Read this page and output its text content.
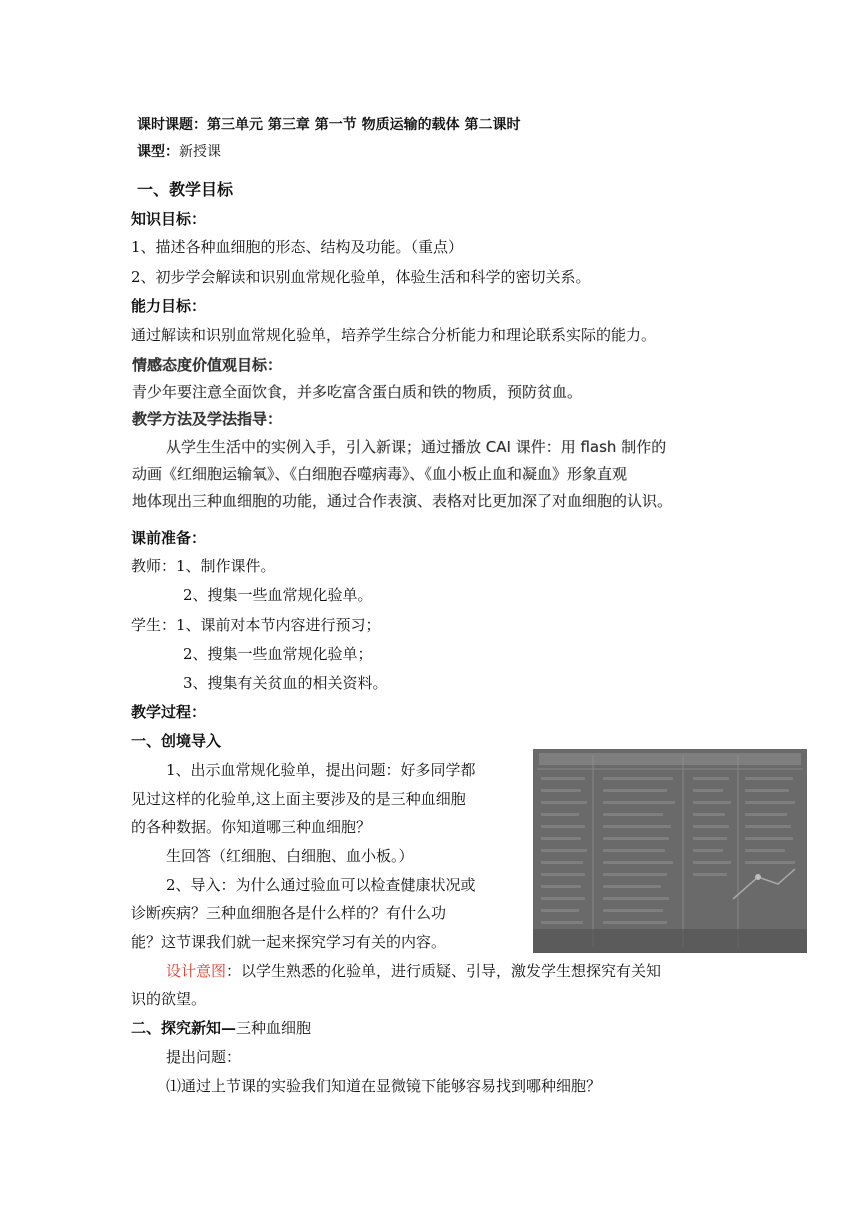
课时课题：第三单元 第三章 第一节 物质运输的载体 第二课时
课型：新授课
一、教学目标
知识目标：
1、描述各种血细胞的形态、结构及功能。（重点）
2、初步学会解读和识别血常规化验单，体验生活和科学的密切关系。
能力目标：
通过解读和识别血常规化验单，培养学生综合分析能力和理论联系实际的能力。
情感态度价值观目标：
青少年要注意全面饮食，并多吃富含蛋白质和铁的物质，预防贫血。
教学方法及学法指导：
从学生生活中的实例入手，引入新课；通过播放 CAI 课件：用 flash 制作的
动画《红细胞运输氧》、《白细胞吞噬病毒》、《血小板止血和凝血》形象直观
地体现出三种血细胞的功能，通过合作表演、表格对比更加深了对血细胞的认识。
课前准备：
教师：1、制作课件。
2、搜集一些血常规化验单。
学生：1、课前对本节内容进行预习；
2、搜集一些血常规化验单；
3、搜集有关贫血的相关资料。
教学过程：
一、创境导入
1、出示血常规化验单，提出问题：好多同学都
见过这样的化验单,这上面主要涉及的是三种血细胞
的各种数据。你知道哪三种血细胞？
生回答（红细胞、白细胞、血小板。）
2、导入：为什么通过验血可以检查健康状况或
诊断疾病？三种血细胞各是什么样的？有什么功
能？这节课我们就一起来探究学习有关的内容。
设计意图：以学生熟悉的化验单，进行质疑、引导，激发学生想探究有关知
识的欲望。
二、探究新知—三种血细胞
提出问题：
⑴通过上节课的实验我们知道在显微镜下能够容易找到哪种细胞？
